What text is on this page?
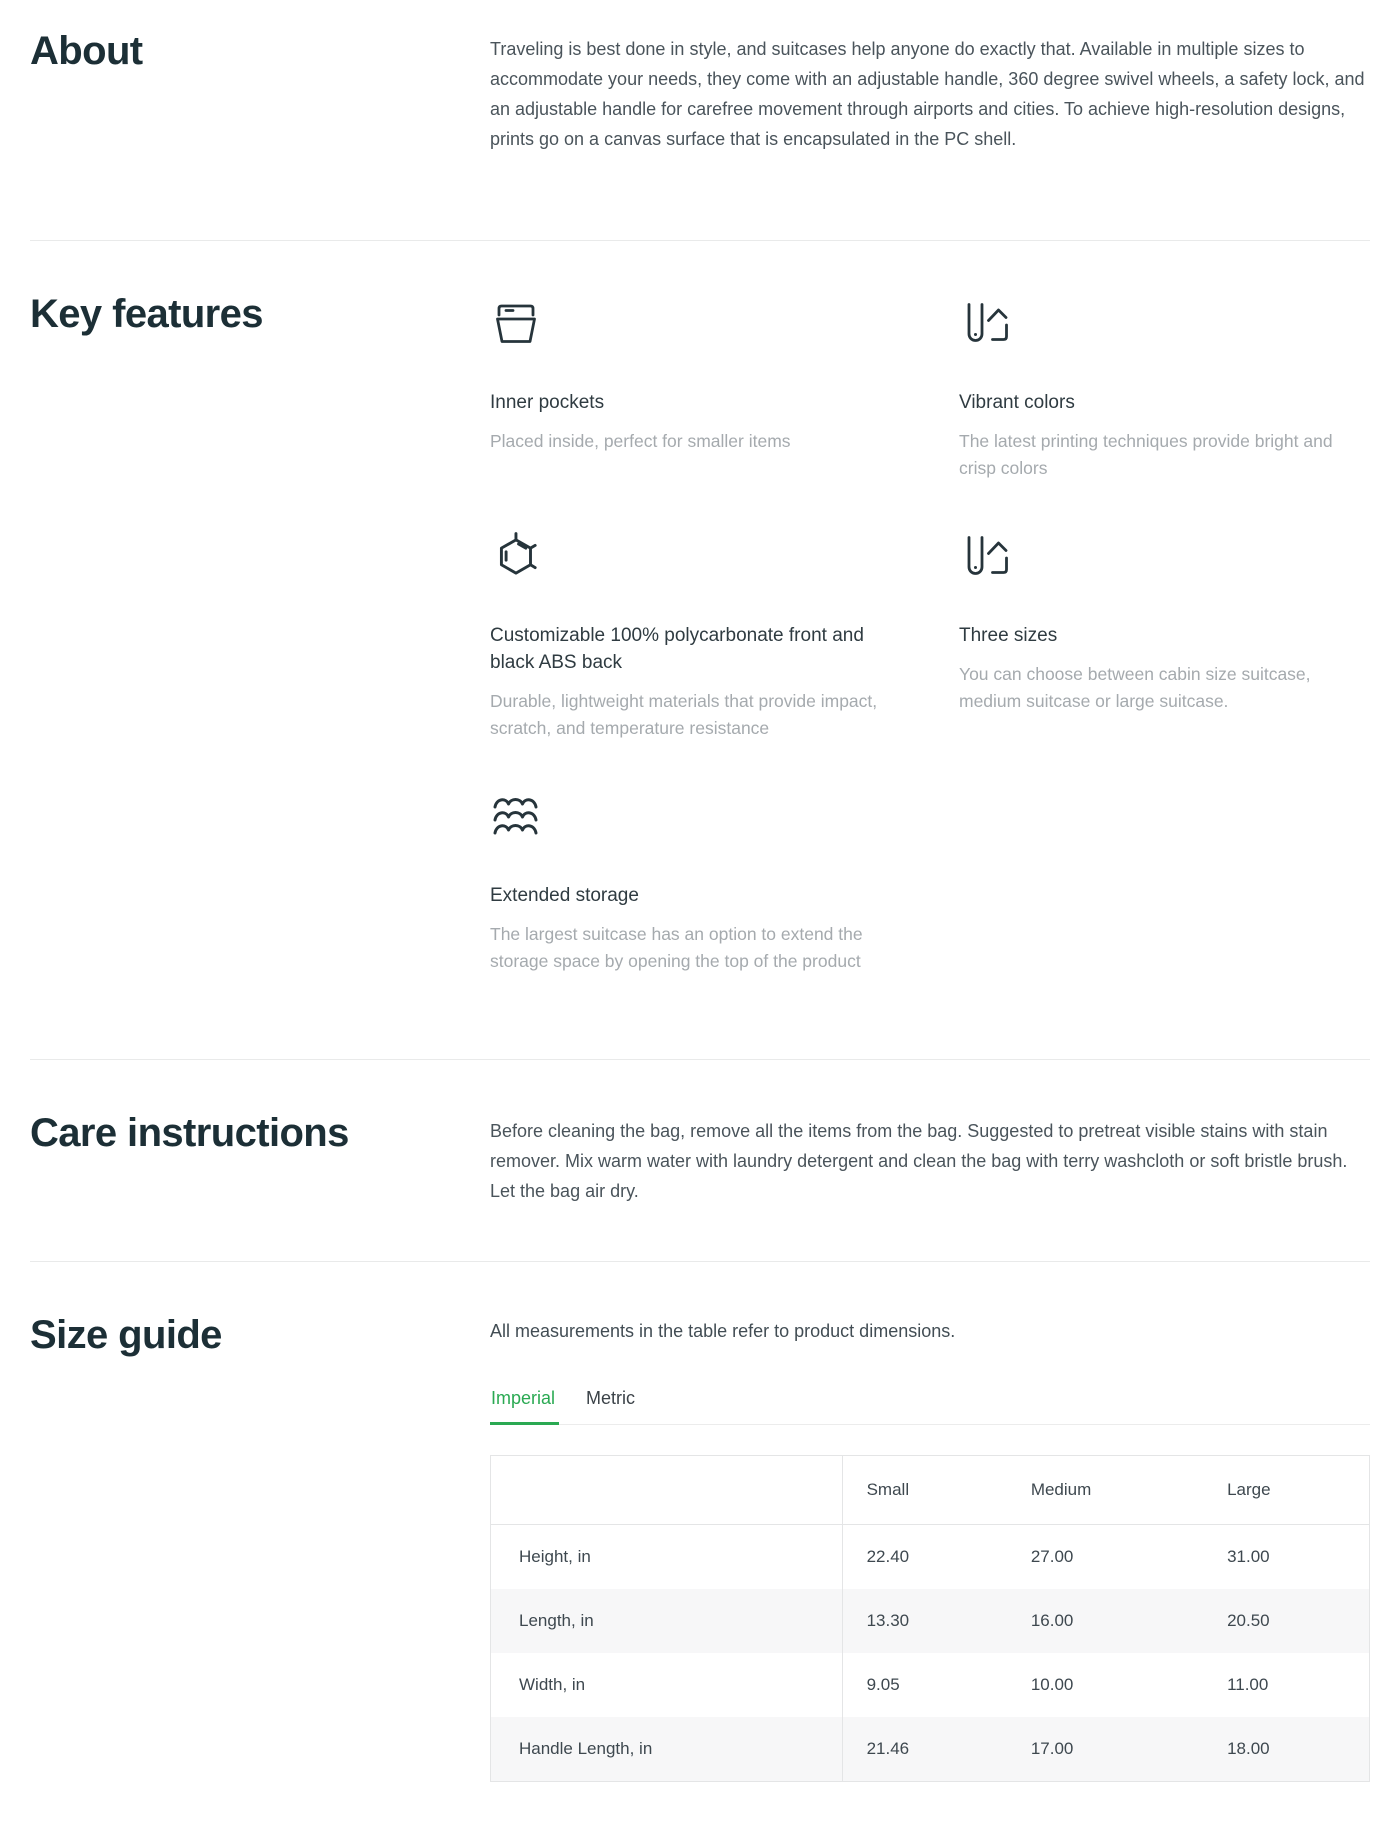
About	Traveling is best done in style, and suitcases help anyone do exactly that. Available in multiple sizes to accommodate your needs, they come with an adjustable handle, 360 degree swivel wheels, a safety lock, and an adjustable handle for carefree movement through airports and cities. To achieve high-resolution designs, prints go on a canvas surface that is encapsulated in the PC shell.

Key features
Inner pockets

Placed inside, perfect for smaller items

Vibrant colors

The latest printing techniques provide bright and crisp colors

Customizable 100% polycarbonate front and black ABS back

Durable, lightweight materials that provide impact, scratch, and temperature resistance

Three sizes

You can choose between cabin size suitcase, medium suitcase or large suitcase.

Extended storage

The largest suitcase has an option to extend the storage space by opening the top of the product

Care instructions	Before cleaning the bag, remove all the items from the bag. Suggested to pretreat visible stains with stain remover. Mix warm water with laundry detergent and clean the bag with terry washcloth or soft bristle brush. Let the bag air dry.

Size guide	All measurements in the table refer to product dimensions.

Imperial Metric
	Small	Medium	Large
Height, in	22.40	27.00	31.00
Length, in	13.30	16.00	20.50
Width, in	9.05	10.00	11.00
Handle Length, in	21.46	17.00	18.00
